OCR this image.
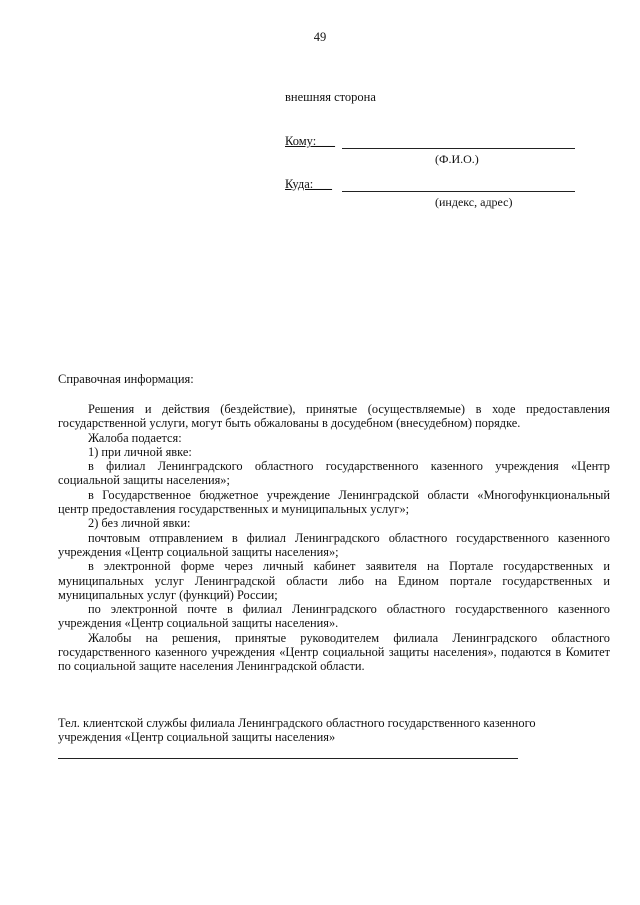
49
внешняя сторона
Кому:___
(Ф.И.О.)
Куда:___
(индекс, адрес)
Справочная информация:

Решения и действия (бездействие), принятые (осуществляемые) в ходе предоставления государственной услуги, могут быть обжалованы в досудебном (внесудебном) порядке.

Жалоба подается:

1) при личной явке:

в филиал Ленинградского областного государственного казенного учреждения «Центр социальной защиты населения»;

в Государственное бюджетное учреждение Ленинградской области «Многофункциональный центр предоставления государственных и муниципальных услуг»;

2) без личной явки:

почтовым отправлением в филиал Ленинградского областного государственного казенного учреждения «Центр социальной защиты населения»;

в электронной форме через личный кабинет заявителя на Портале государственных и муниципальных услуг Ленинградской области либо на Едином портале государственных и муниципальных услуг (функций) России;

по электронной почте в филиал Ленинградского областного государственного казенного учреждения «Центр социальной защиты населения».

Жалобы на решения, принятые руководителем филиала Ленинградского областного государственного казенного учреждения «Центр социальной защиты населения», подаются в Комитет по социальной защите населения Ленинградской области.

Тел. клиентской службы филиала Ленинградского областного государственного казенного учреждения «Центр социальной защиты населения»
